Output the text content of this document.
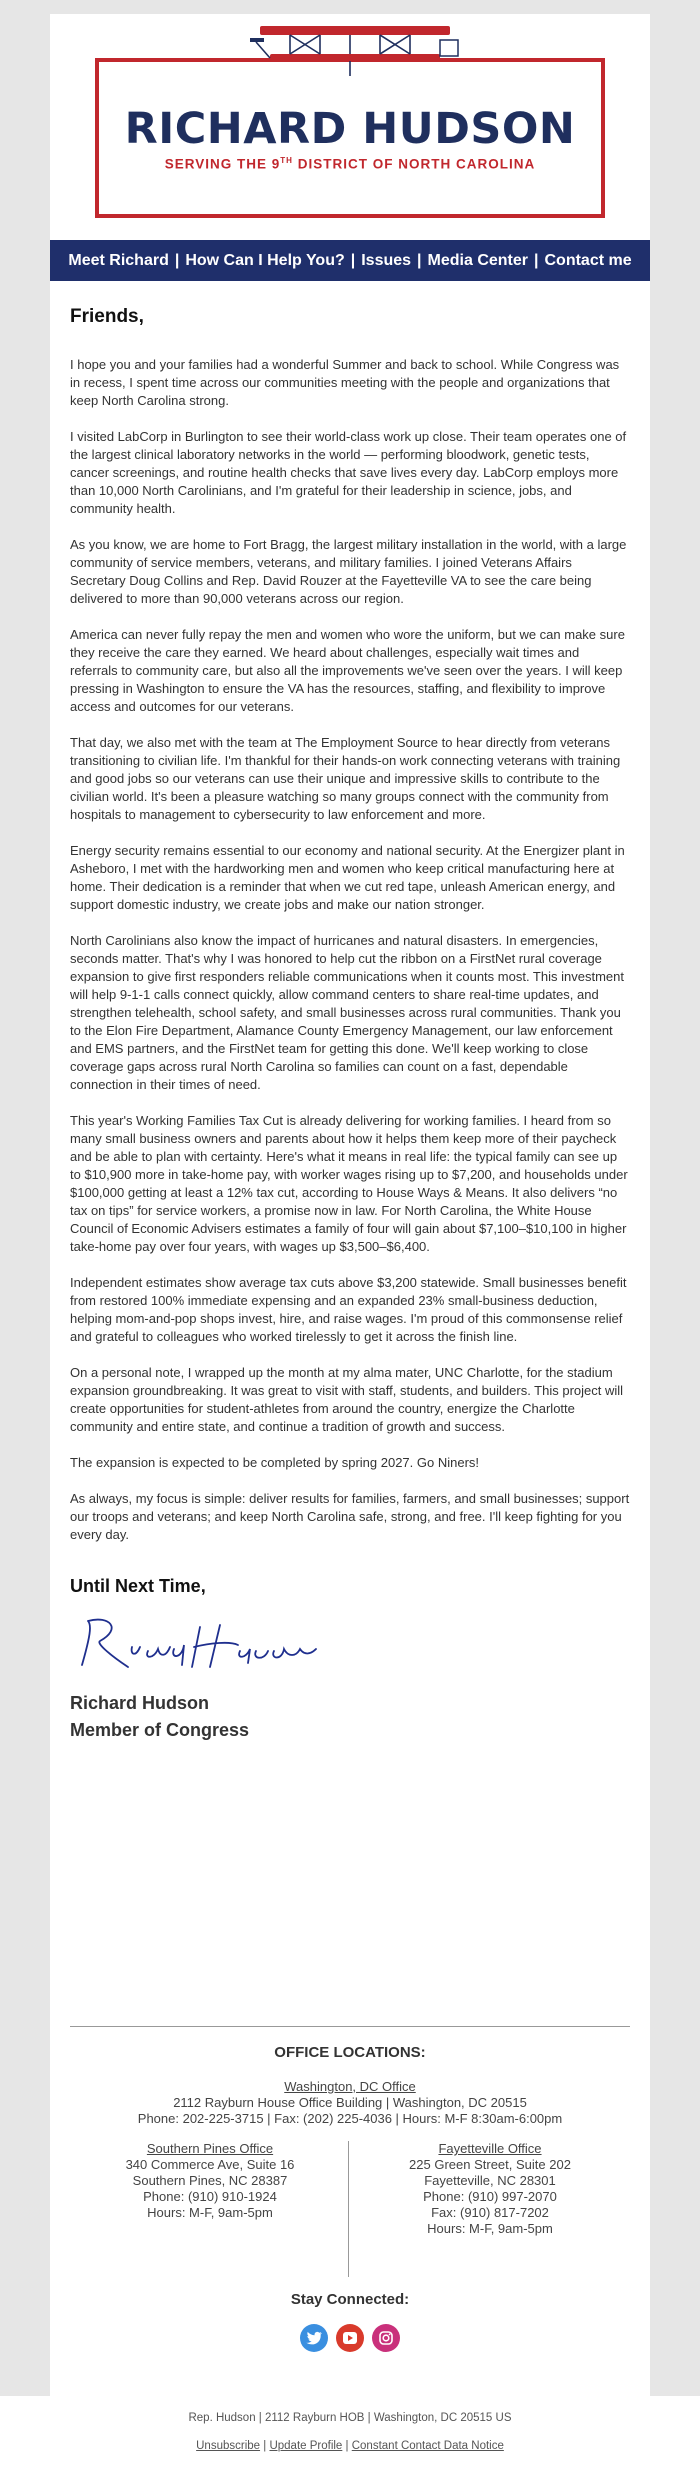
RICHARD HUDSON
SERVING THE 9TH DISTRICT OF NORTH CAROLINA
Meet Richard | How Can I Help You? | Issues | Media Center | Contact me
Friends,

I hope you and your families had a wonderful Summer and back to school. While Congress was in recess, I spent time across our communities meeting with the people and organizations that keep North Carolina strong.

I visited LabCorp in Burlington to see their world-class work up close. Their team operates one of the largest clinical laboratory networks in the world — performing bloodwork, genetic tests, cancer screenings, and routine health checks that save lives every day. LabCorp employs more than 10,000 North Carolinians, and I'm grateful for their leadership in science, jobs, and community health.

As you know, we are home to Fort Bragg, the largest military installation in the world, with a large community of service members, veterans, and military families. I joined Veterans Affairs Secretary Doug Collins and Rep. David Rouzer at the Fayetteville VA to see the care being delivered to more than 90,000 veterans across our region.

America can never fully repay the men and women who wore the uniform, but we can make sure they receive the care they earned. We heard about challenges, especially wait times and referrals to community care, but also all the improvements we've seen over the years. I will keep pressing in Washington to ensure the VA has the resources, staffing, and flexibility to improve access and outcomes for our veterans.

That day, we also met with the team at The Employment Source to hear directly from veterans transitioning to civilian life. I'm thankful for their hands-on work connecting veterans with training and good jobs so our veterans can use their unique and impressive skills to contribute to the civilian world. It's been a pleasure watching so many groups connect with the community from hospitals to management to cybersecurity to law enforcement and more.

Energy security remains essential to our economy and national security. At the Energizer plant in Asheboro, I met with the hardworking men and women who keep critical manufacturing here at home. Their dedication is a reminder that when we cut red tape, unleash American energy, and support domestic industry, we create jobs and make our nation stronger.

North Carolinians also know the impact of hurricanes and natural disasters. In emergencies, seconds matter. That's why I was honored to help cut the ribbon on a FirstNet rural coverage expansion to give first responders reliable communications when it counts most. This investment will help 9-1-1 calls connect quickly, allow command centers to share real-time updates, and strengthen telehealth, school safety, and small businesses across rural communities. Thank you to the Elon Fire Department, Alamance County Emergency Management, our law enforcement and EMS partners, and the FirstNet team for getting this done. We'll keep working to close coverage gaps across rural North Carolina so families can count on a fast, dependable connection in their times of need.

This year's Working Families Tax Cut is already delivering for working families. I heard from so many small business owners and parents about how it helps them keep more of their paycheck and be able to plan with certainty. Here's what it means in real life: the typical family can see up to $10,900 more in take-home pay, with worker wages rising up to $7,200, and households under $100,000 getting at least a 12% tax cut, according to House Ways & Means. It also delivers “no tax on tips” for service workers, a promise now in law. For North Carolina, the White House Council of Economic Advisers estimates a family of four will gain about $7,100–$10,100 in higher take-home pay over four years, with wages up $3,500–$6,400.

Independent estimates show average tax cuts above $3,200 statewide. Small businesses benefit from restored 100% immediate expensing and an expanded 23% small-business deduction, helping mom-and-pop shops invest, hire, and raise wages. I'm proud of this commonsense relief and grateful to colleagues who worked tirelessly to get it across the finish line.

On a personal note, I wrapped up the month at my alma mater, UNC Charlotte, for the stadium expansion groundbreaking. It was great to visit with staff, students, and builders. This project will create opportunities for student-athletes from around the country, energize the Charlotte community and entire state, and continue a tradition of growth and success.

The expansion is expected to be completed by spring 2027. Go Niners!

As always, my focus is simple: deliver results for families, farmers, and small businesses; support our troops and veterans; and keep North Carolina safe, strong, and free. I'll keep fighting for you every day.

Until Next Time,
Richard Hudson
Member of Congress
OFFICE LOCATIONS:
Washington, DC Office
2112 Rayburn House Office Building | Washington, DC 20515
Phone: 202-225-3715 | Fax: (202) 225-4036 | Hours: M-F 8:30am-6:00pm
Southern Pines Office
340 Commerce Ave, Suite 16
Southern Pines, NC 28387
Phone: (910) 910-1924
Hours: M-F, 9am-5pm
Fayetteville Office
225 Green Street, Suite 202
Fayetteville, NC 28301
Phone: (910) 997-2070
Fax: (910) 817-7202
Hours: M-F, 9am-5pm
Stay Connected:
Rep. Hudson | 2112 Rayburn HOB | Washington, DC 20515 US
Unsubscribe | Update Profile | Constant Contact Data Notice
